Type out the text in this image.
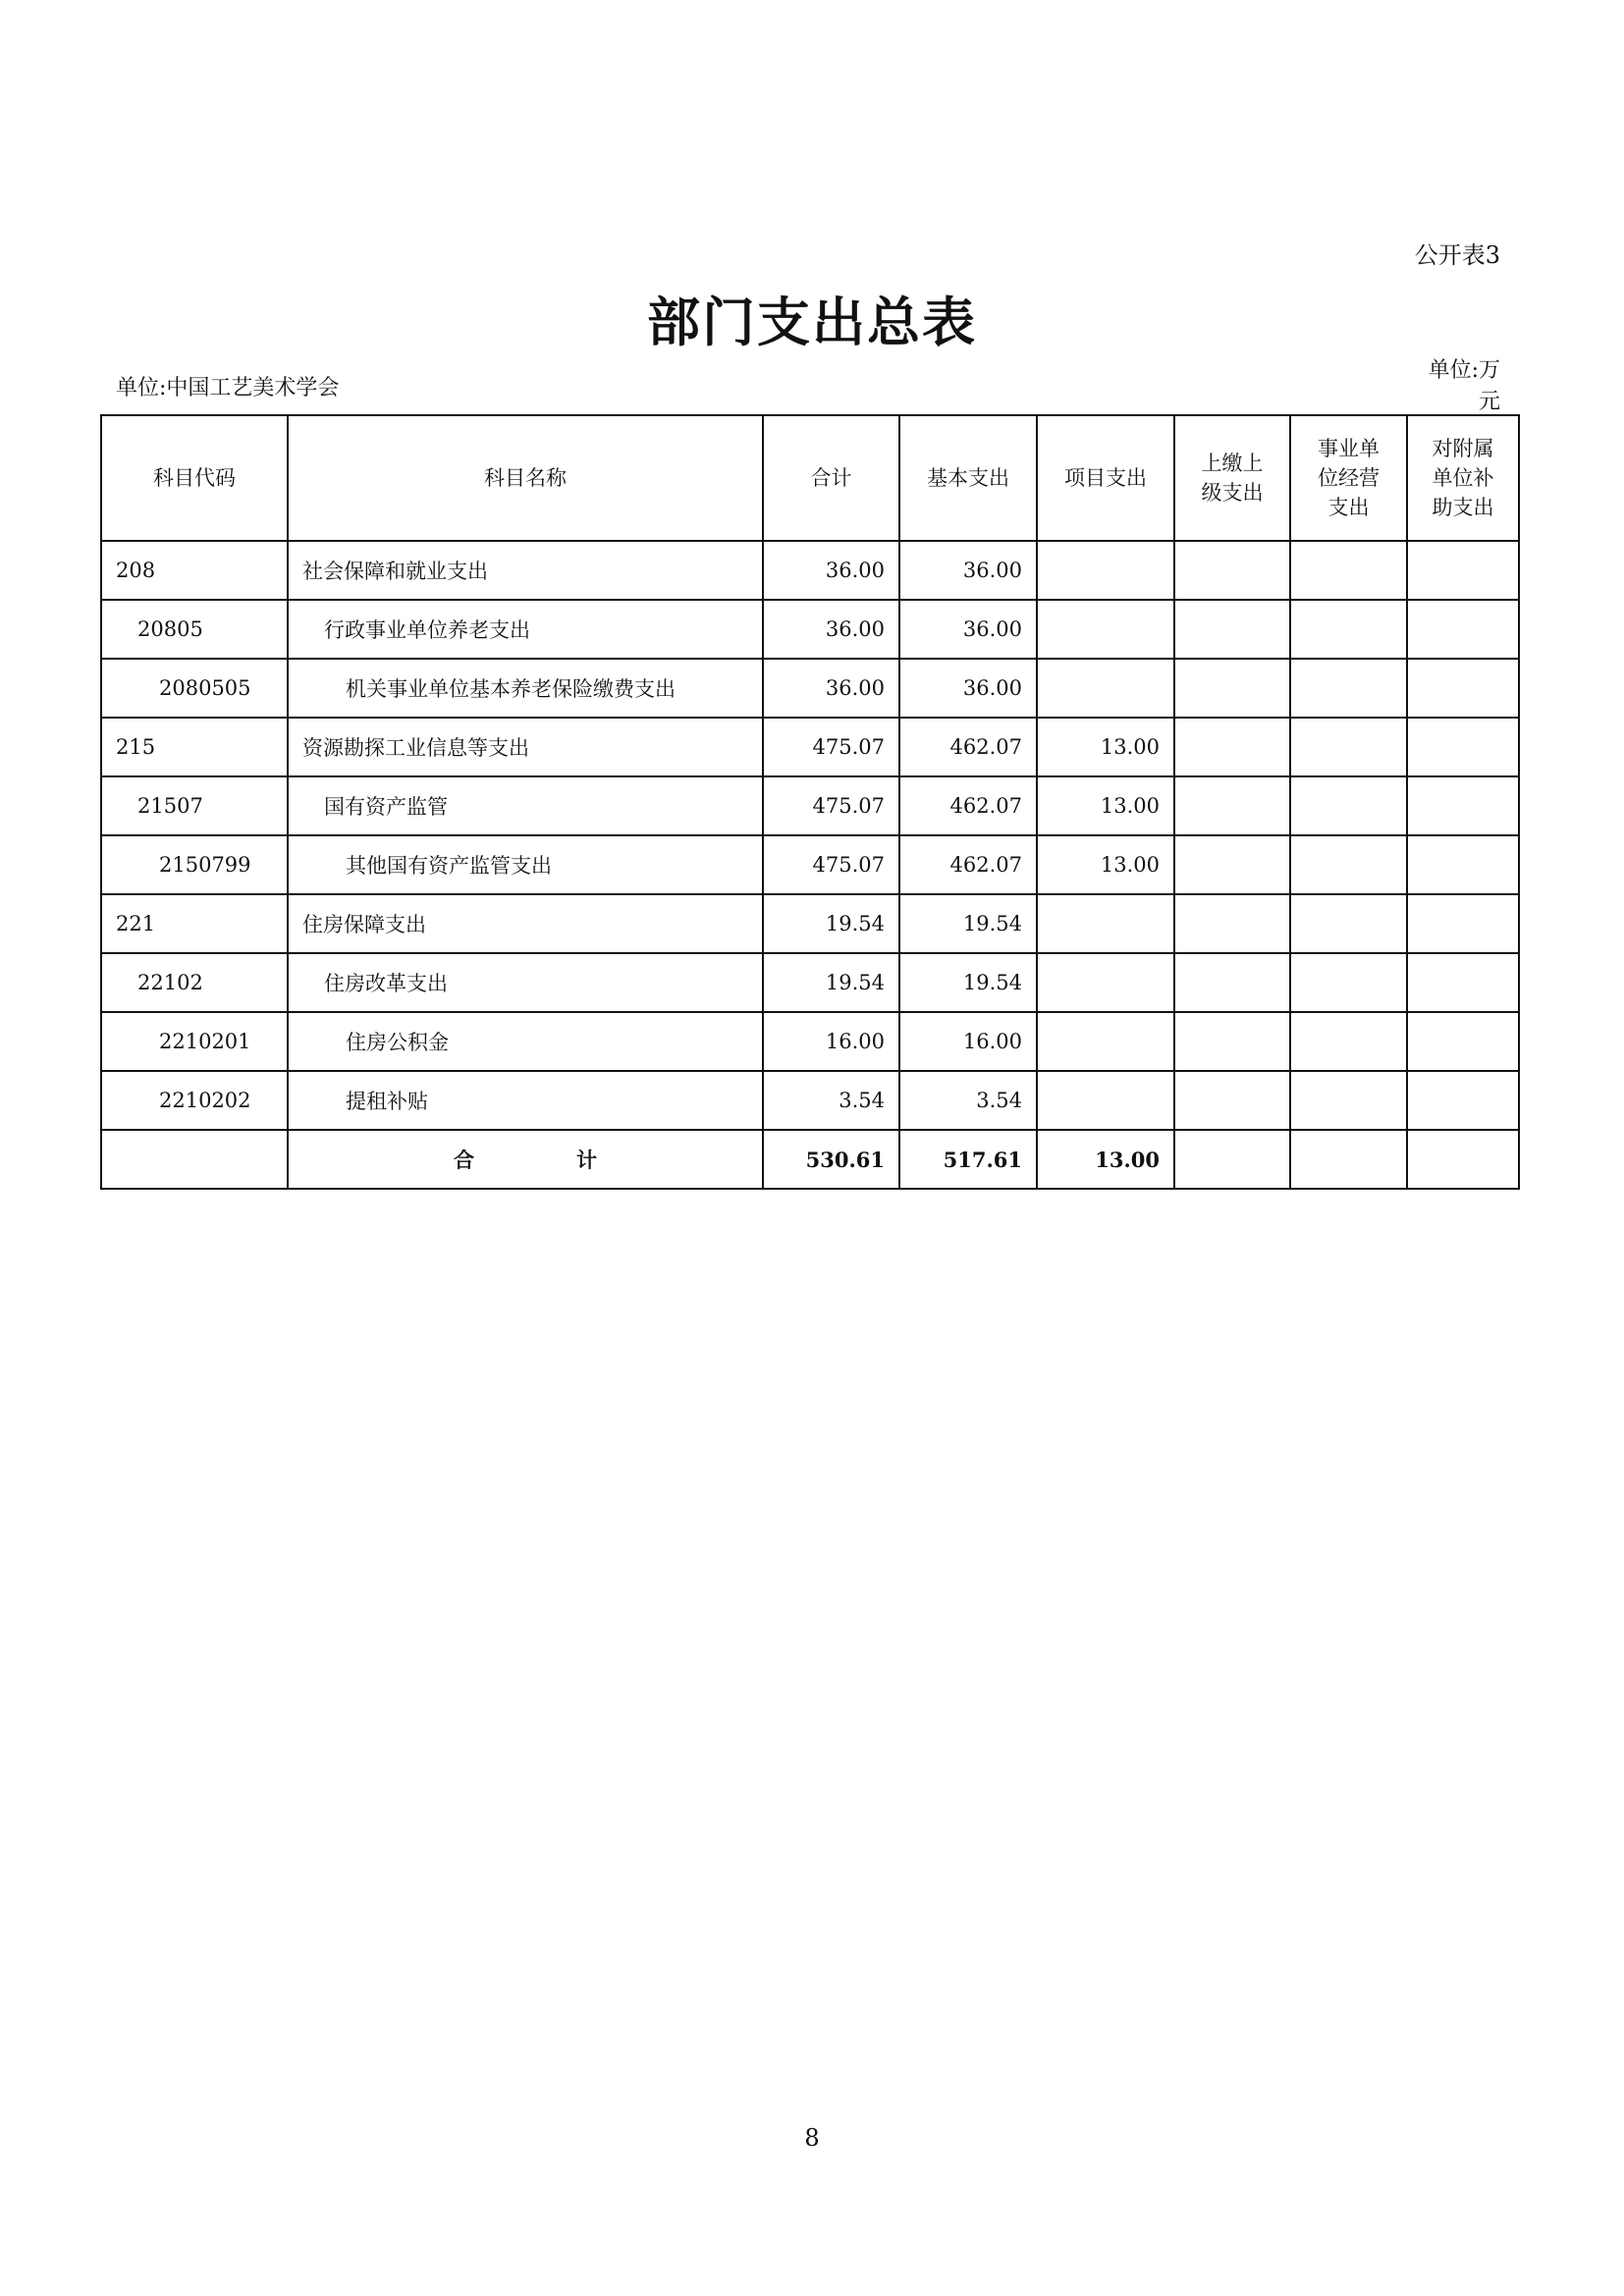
公开表3
部门支出总表
单位:中国工艺美术学会
单位:万元
科目代码	科目名称	合计	基本支出	项目支出	上缴上级支出	事业单位经营支出	对附属单位补助支出
208	社会保障和就业支出	36.00	36.00				
20805	行政事业单位养老支出	36.00	36.00				
2080505	机关事业单位基本养老保险缴费支出	36.00	36.00				
215	资源勘探工业信息等支出	475.07	462.07	13.00			
21507	国有资产监管	475.07	462.07	13.00			
2150799	其他国有资产监管支出	475.07	462.07	13.00			
221	住房保障支出	19.54	19.54				
22102	住房改革支出	19.54	19.54				
2210201	住房公积金	16.00	16.00				
2210202	提租补贴	3.54	3.54				
	合 计	530.61	517.61	13.00			
8
